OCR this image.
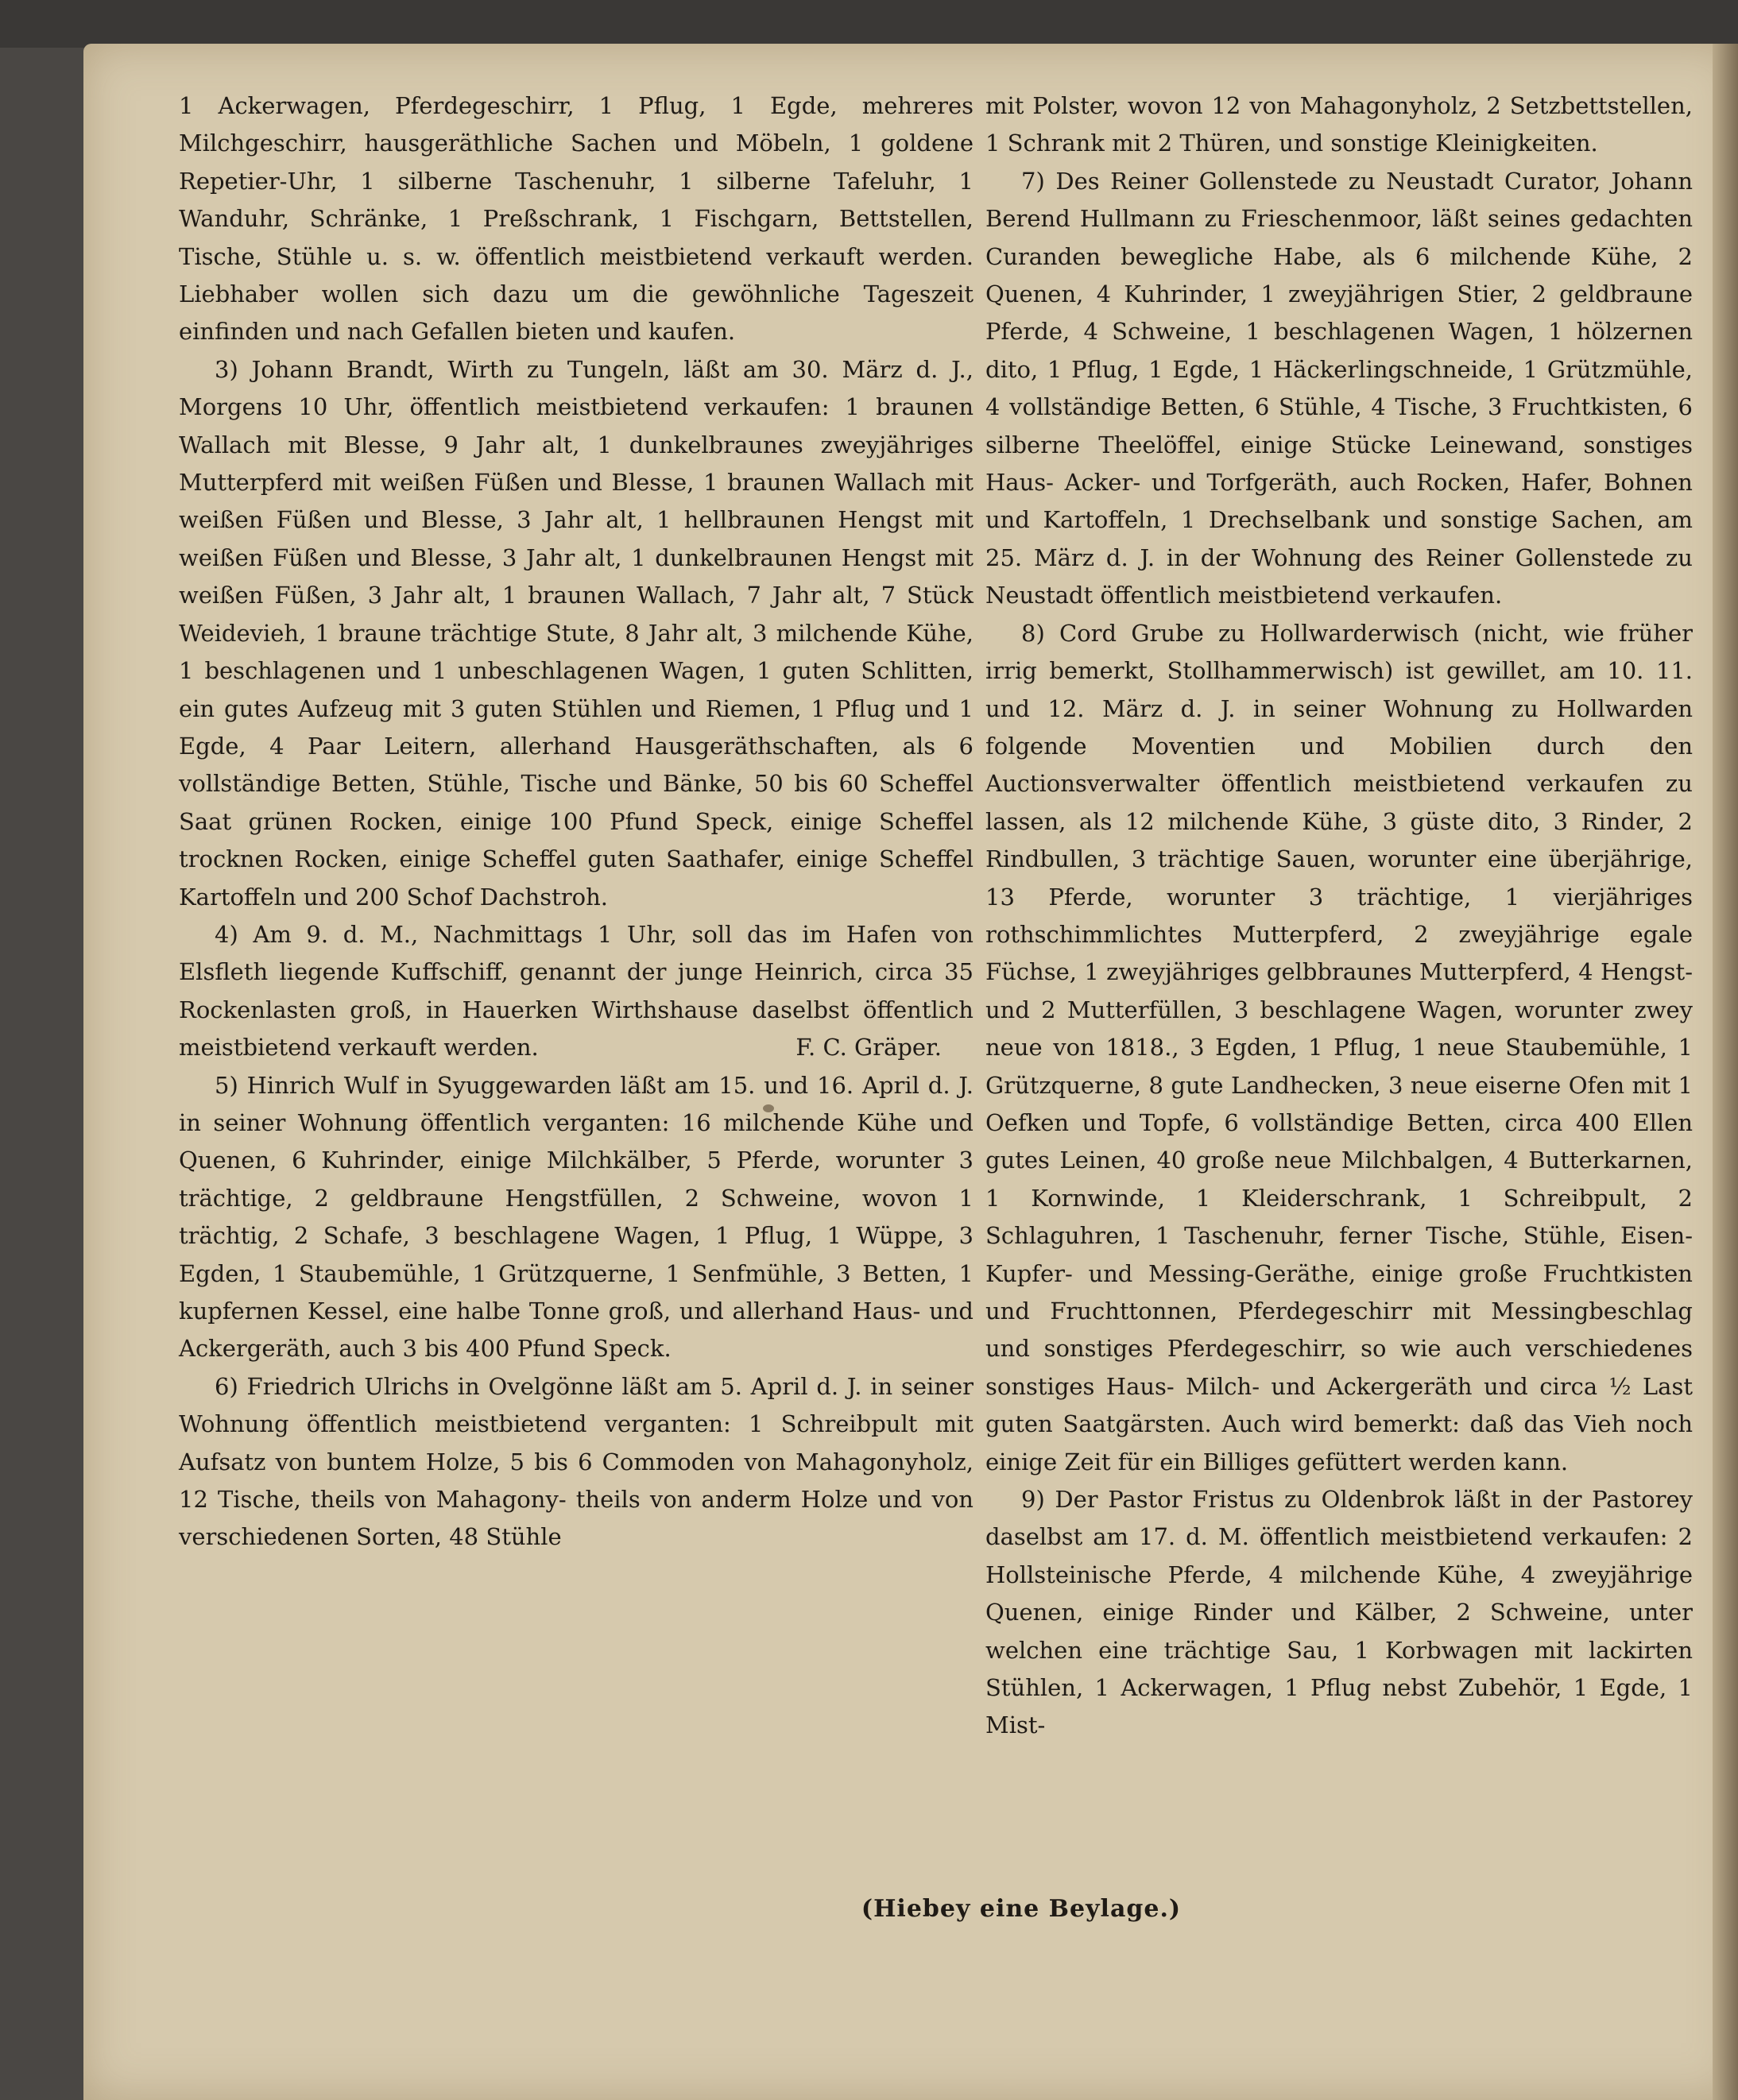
1 Ackerwagen, Pferdegeschirr, 1 Pflug, 1 Egde, mehreres Milchgeschirr, hausgeräthliche Sachen und Möbeln, 1 goldene Repetier-Uhr, 1 silberne Taschenuhr, 1 silberne Tafeluhr, 1 Wanduhr, Schränke, 1 Preßschrank, 1 Fischgarn, Bettstellen, Tische, Stühle u. s. w. öffentlich meistbietend verkauft werden. Liebhaber wollen sich dazu um die gewöhnliche Tageszeit einfinden und nach Gefallen bieten und kaufen.

3) Johann Brandt, Wirth zu Tungeln, läßt am 30. März d. J., Morgens 10 Uhr, öffentlich meistbietend verkaufen: 1 braunen Wallach mit Blesse, 9 Jahr alt, 1 dunkelbraunes zweyjähriges Mutterpferd mit weißen Füßen und Blesse, 1 braunen Wallach mit weißen Füßen und Blesse, 3 Jahr alt, 1 hellbraunen Hengst mit weißen Füßen und Blesse, 3 Jahr alt, 1 dunkelbraunen Hengst mit weißen Füßen, 3 Jahr alt, 1 braunen Wallach, 7 Jahr alt, 7 Stück Weidevieh, 1 braune trächtige Stute, 8 Jahr alt, 3 milchende Kühe, 1 beschlagenen und 1 unbeschlagenen Wagen, 1 guten Schlitten, ein gutes Aufzeug mit 3 guten Stühlen und Riemen, 1 Pflug und 1 Egde, 4 Paar Leitern, allerhand Hausgeräthschaften, als 6 vollständige Betten, Stühle, Tische und Bänke, 50 bis 60 Scheffel Saat grünen Rocken, einige 100 Pfund Speck, einige Scheffel trocknen Rocken, einige Scheffel guten Saathafer, einige Scheffel Kartoffeln und 200 Schof Dachstroh.

4) Am 9. d. M., Nachmittags 1 Uhr, soll das im Hafen von Elsfleth liegende Kuffschiff, genannt der junge Heinrich, circa 35 Rockenlasten groß, in Hauerken Wirthshause daselbst öffentlich meistbietend verkauft werden.	F. C. Gräper.

5) Hinrich Wulf in Syuggewarden läßt am 15. und 16. April d. J. in seiner Wohnung öffentlich verganten: 16 milchende Kühe und Quenen, 6 Kuhrinder, einige Milchkälber, 5 Pferde, worunter 3 trächtige, 2 geldbraune Hengstfüllen, 2 Schweine, wovon 1 trächtig, 2 Schafe, 3 beschlagene Wagen, 1 Pflug, 1 Wüppe, 3 Egden, 1 Staubemühle, 1 Grützquerne, 1 Senfmühle, 3 Betten, 1 kupfernen Kessel, eine halbe Tonne groß, und allerhand Haus- und Ackergeräth, auch 3 bis 400 Pfund Speck.

6) Friedrich Ulrichs in Ovelgönne läßt am 5. April d. J. in seiner Wohnung öffentlich meistbietend verganten: 1 Schreibpult mit Aufsatz von buntem Holze, 5 bis 6 Commoden von Mahagonyholz, 12 Tische, theils von Mahagony- theils von anderm Holze und von verschiedenen Sorten, 48 Stühle

mit Polster, wovon 12 von Mahagonyholz, 2 Setzbettstellen, 1 Schrank mit 2 Thüren, und sonstige Kleinigkeiten.

7) Des Reiner Gollenstede zu Neustadt Curator, Johann Berend Hullmann zu Frieschenmoor, läßt seines gedachten Curanden bewegliche Habe, als 6 milchende Kühe, 2 Quenen, 4 Kuhrinder, 1 zweyjährigen Stier, 2 geldbraune Pferde, 4 Schweine, 1 beschlagenen Wagen, 1 hölzernen dito, 1 Pflug, 1 Egde, 1 Häckerlingschneide, 1 Grützmühle, 4 vollständige Betten, 6 Stühle, 4 Tische, 3 Fruchtkisten, 6 silberne Theelöffel, einige Stücke Leinewand, sonstiges Haus- Acker- und Torfgeräth, auch Rocken, Hafer, Bohnen und Kartoffeln, 1 Drechselbank und sonstige Sachen, am 25. März d. J. in der Wohnung des Reiner Gollenstede zu Neustadt öffentlich meistbietend verkaufen.

8) Cord Grube zu Hollwarderwisch (nicht, wie früher irrig bemerkt, Stollhammerwisch) ist gewillet, am 10. 11. und 12. März d. J. in seiner Wohnung zu Hollwarden folgende Moventien und Mobilien durch den Auctionsverwalter öffentlich meistbietend verkaufen zu lassen, als 12 milchende Kühe, 3 güste dito, 3 Rinder, 2 Rindbullen, 3 trächtige Sauen, worunter eine überjährige, 13 Pferde, worunter 3 trächtige, 1 vierjähriges rothschimmlichtes Mutterpferd, 2 zweyjährige egale Füchse, 1 zweyjähriges gelbbraunes Mutterpferd, 4 Hengst- und 2 Mutterfüllen, 3 beschlagene Wagen, worunter zwey neue von 1818., 3 Egden, 1 Pflug, 1 neue Staubemühle, 1 Grützquerne, 8 gute Landhecken, 3 neue eiserne Ofen mit 1 Oefken und Topfe, 6 vollständige Betten, circa 400 Ellen gutes Leinen, 40 große neue Milchbalgen, 4 Butterkarnen, 1 Kornwinde, 1 Kleiderschrank, 1 Schreibpult, 2 Schlaguhren, 1 Taschenuhr, ferner Tische, Stühle, Eisen- Kupfer- und Messing-Geräthe, einige große Fruchtkisten und Fruchttonnen, Pferdegeschirr mit Messingbeschlag und sonstiges Pferdegeschirr, so wie auch verschiedenes sonstiges Haus- Milch- und Ackergeräth und circa ½ Last guten Saatgärsten. Auch wird bemerkt: daß das Vieh noch einige Zeit für ein Billiges gefüttert werden kann.

9) Der Pastor Fristus zu Oldenbrok läßt in der Pastorey daselbst am 17. d. M. öffentlich meistbietend verkaufen: 2 Hollsteinische Pferde, 4 milchende Kühe, 4 zweyjährige Quenen, einige Rinder und Kälber, 2 Schweine, unter welchen eine trächtige Sau, 1 Korbwagen mit lackirten Stühlen, 1 Ackerwagen, 1 Pflug nebst Zubehör, 1 Egde, 1 Mist-

(Hiebey eine Beylage.)
